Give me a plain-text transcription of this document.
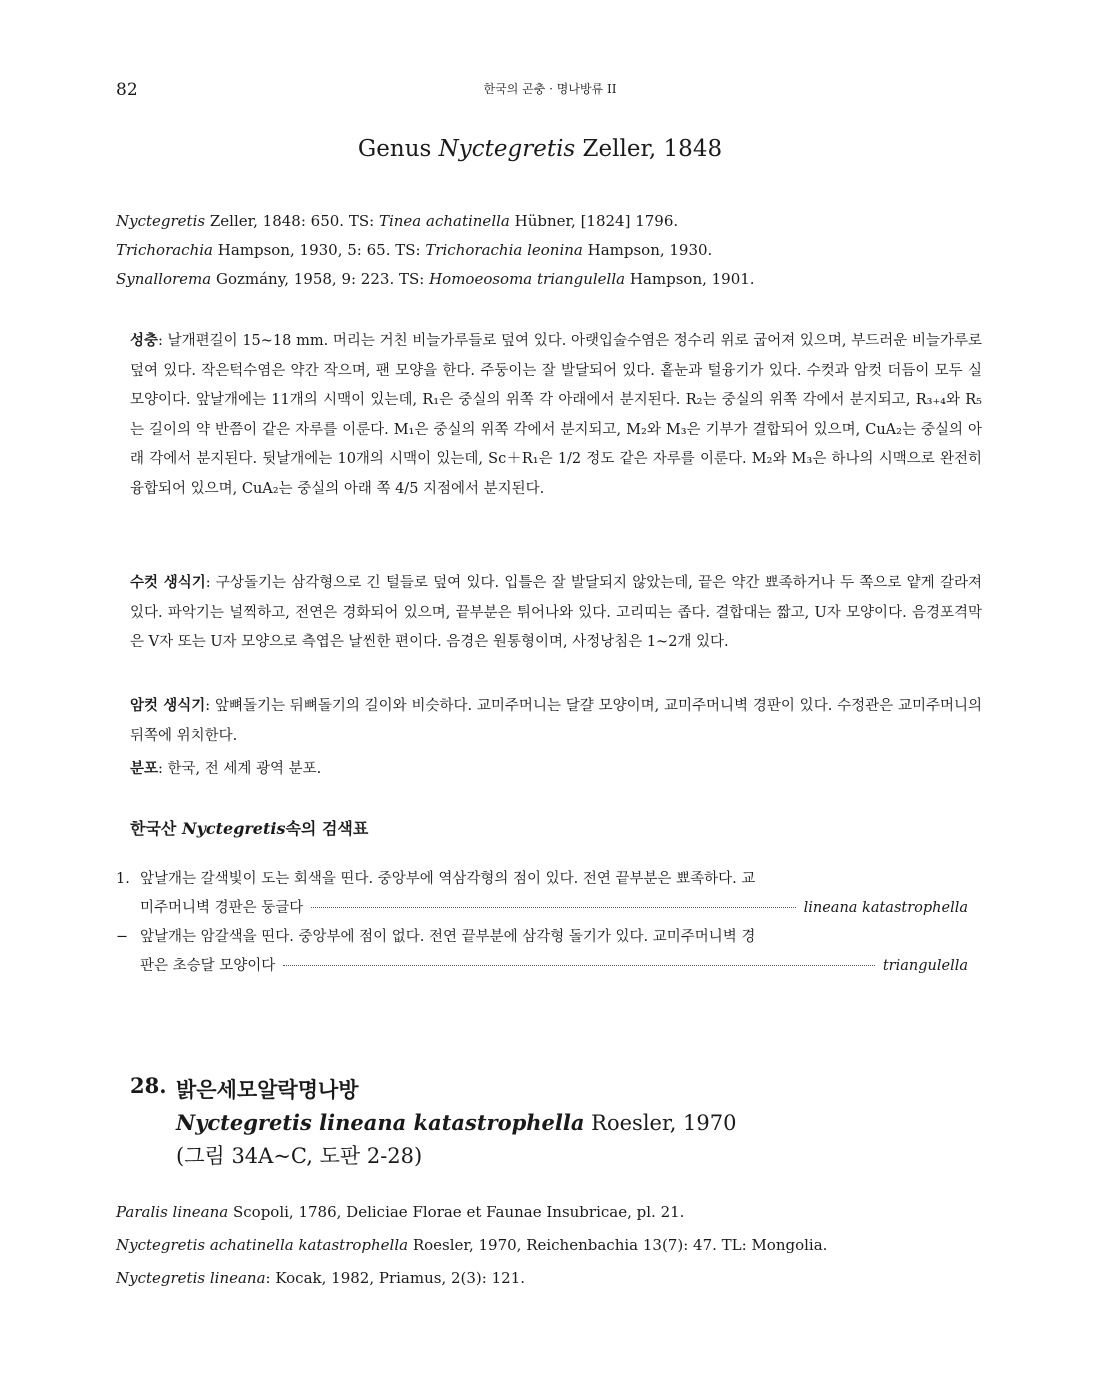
82	한국의 곤충 · 명나방류 II
Genus Nyctegretis Zeller, 1848
Nyctegretis Zeller, 1848: 650. TS: Tinea achatinella Hübner, [1824] 1796.
Trichorachia Hampson, 1930, 5: 65. TS: Trichorachia leonina Hampson, 1930.
Synallorema Gozmány, 1958, 9: 223. TS: Homoeosoma triangulella Hampson, 1901.
성충: 날개편길이 15~18 mm. 머리는 거친 비늘가루들로 덮여 있다. 아랫입술수염은 정수리 위로 굽어져 있으며, 부드러운 비늘가루로 덮여 있다. 작은턱수염은 약간 작으며, 팬 모양을 한다. 주둥이는 잘 발달되어 있다. 홑눈과 털융기가 있다. 수컷과 암컷 더듬이 모두 실 모양이다. 앞날개에는 11개의 시맥이 있는데, R₁은 중실의 위쪽 각 아래에서 분지된다. R₂는 중실의 위쪽 각에서 분지되고, R₃₊₄와 R₅는 길이의 약 반쯤이 같은 자루를 이룬다. M₁은 중실의 위쪽 각에서 분지되고, M₂와 M₃은 기부가 결합되어 있으며, CuA₂는 중실의 아래 각에서 분지된다. 뒷날개에는 10개의 시맥이 있는데, Sc＋R₁은 1/2 정도 같은 자루를 이룬다. M₂와 M₃은 하나의 시맥으로 완전히 융합되어 있으며, CuA₂는 중실의 아래 쪽 4/5 지점에서 분지된다.
수컷 생식기: 구상돌기는 삼각형으로 긴 털들로 덮여 있다. 입틀은 잘 발달되지 않았는데, 끝은 약간 뾰족하거나 두 쪽으로 얕게 갈라져 있다. 파악기는 널찍하고, 전연은 경화되어 있으며, 끝부분은 튀어나와 있다. 고리띠는 좁다. 결합대는 짧고, U자 모양이다. 음경포격막은 V자 또는 U자 모양으로 측엽은 날씬한 편이다. 음경은 원통형이며, 사정낭침은 1~2개 있다.
암컷 생식기: 앞뼈돌기는 뒤뼈돌기의 길이와 비슷하다. 교미주머니는 달걀 모양이며, 교미주머니벽 경판이 있다. 수정관은 교미주머니의 뒤쪽에 위치한다.
분포: 한국, 전 세계 광역 분포.
한국산 Nyctegretis속의 검색표
1. 앞날개는 갈색빛이 도는 회색을 띤다. 중앙부에 역삼각형의 점이 있다. 전연 끝부분은 뾰족하다. 교
미주머니벽 경판은 둥글다	lineana katastrophella
− 앞날개는 암갈색을 띤다. 중앙부에 점이 없다. 전연 끝부분에 삼각형 돌기가 있다. 교미주머니벽 경
판은 초승달 모양이다	triangulella
28. 밝은세모알락명나방
Nyctegretis lineana katastrophella Roesler, 1970
(그림 34A~C, 도판 2-28)
Paralis lineana Scopoli, 1786, Deliciae Florae et Faunae Insubricae, pl. 21.
Nyctegretis achatinella katastrophella Roesler, 1970, Reichenbachia 13(7): 47. TL: Mongolia.
Nyctegretis lineana: Kocak, 1982, Priamus, 2(3): 121.
